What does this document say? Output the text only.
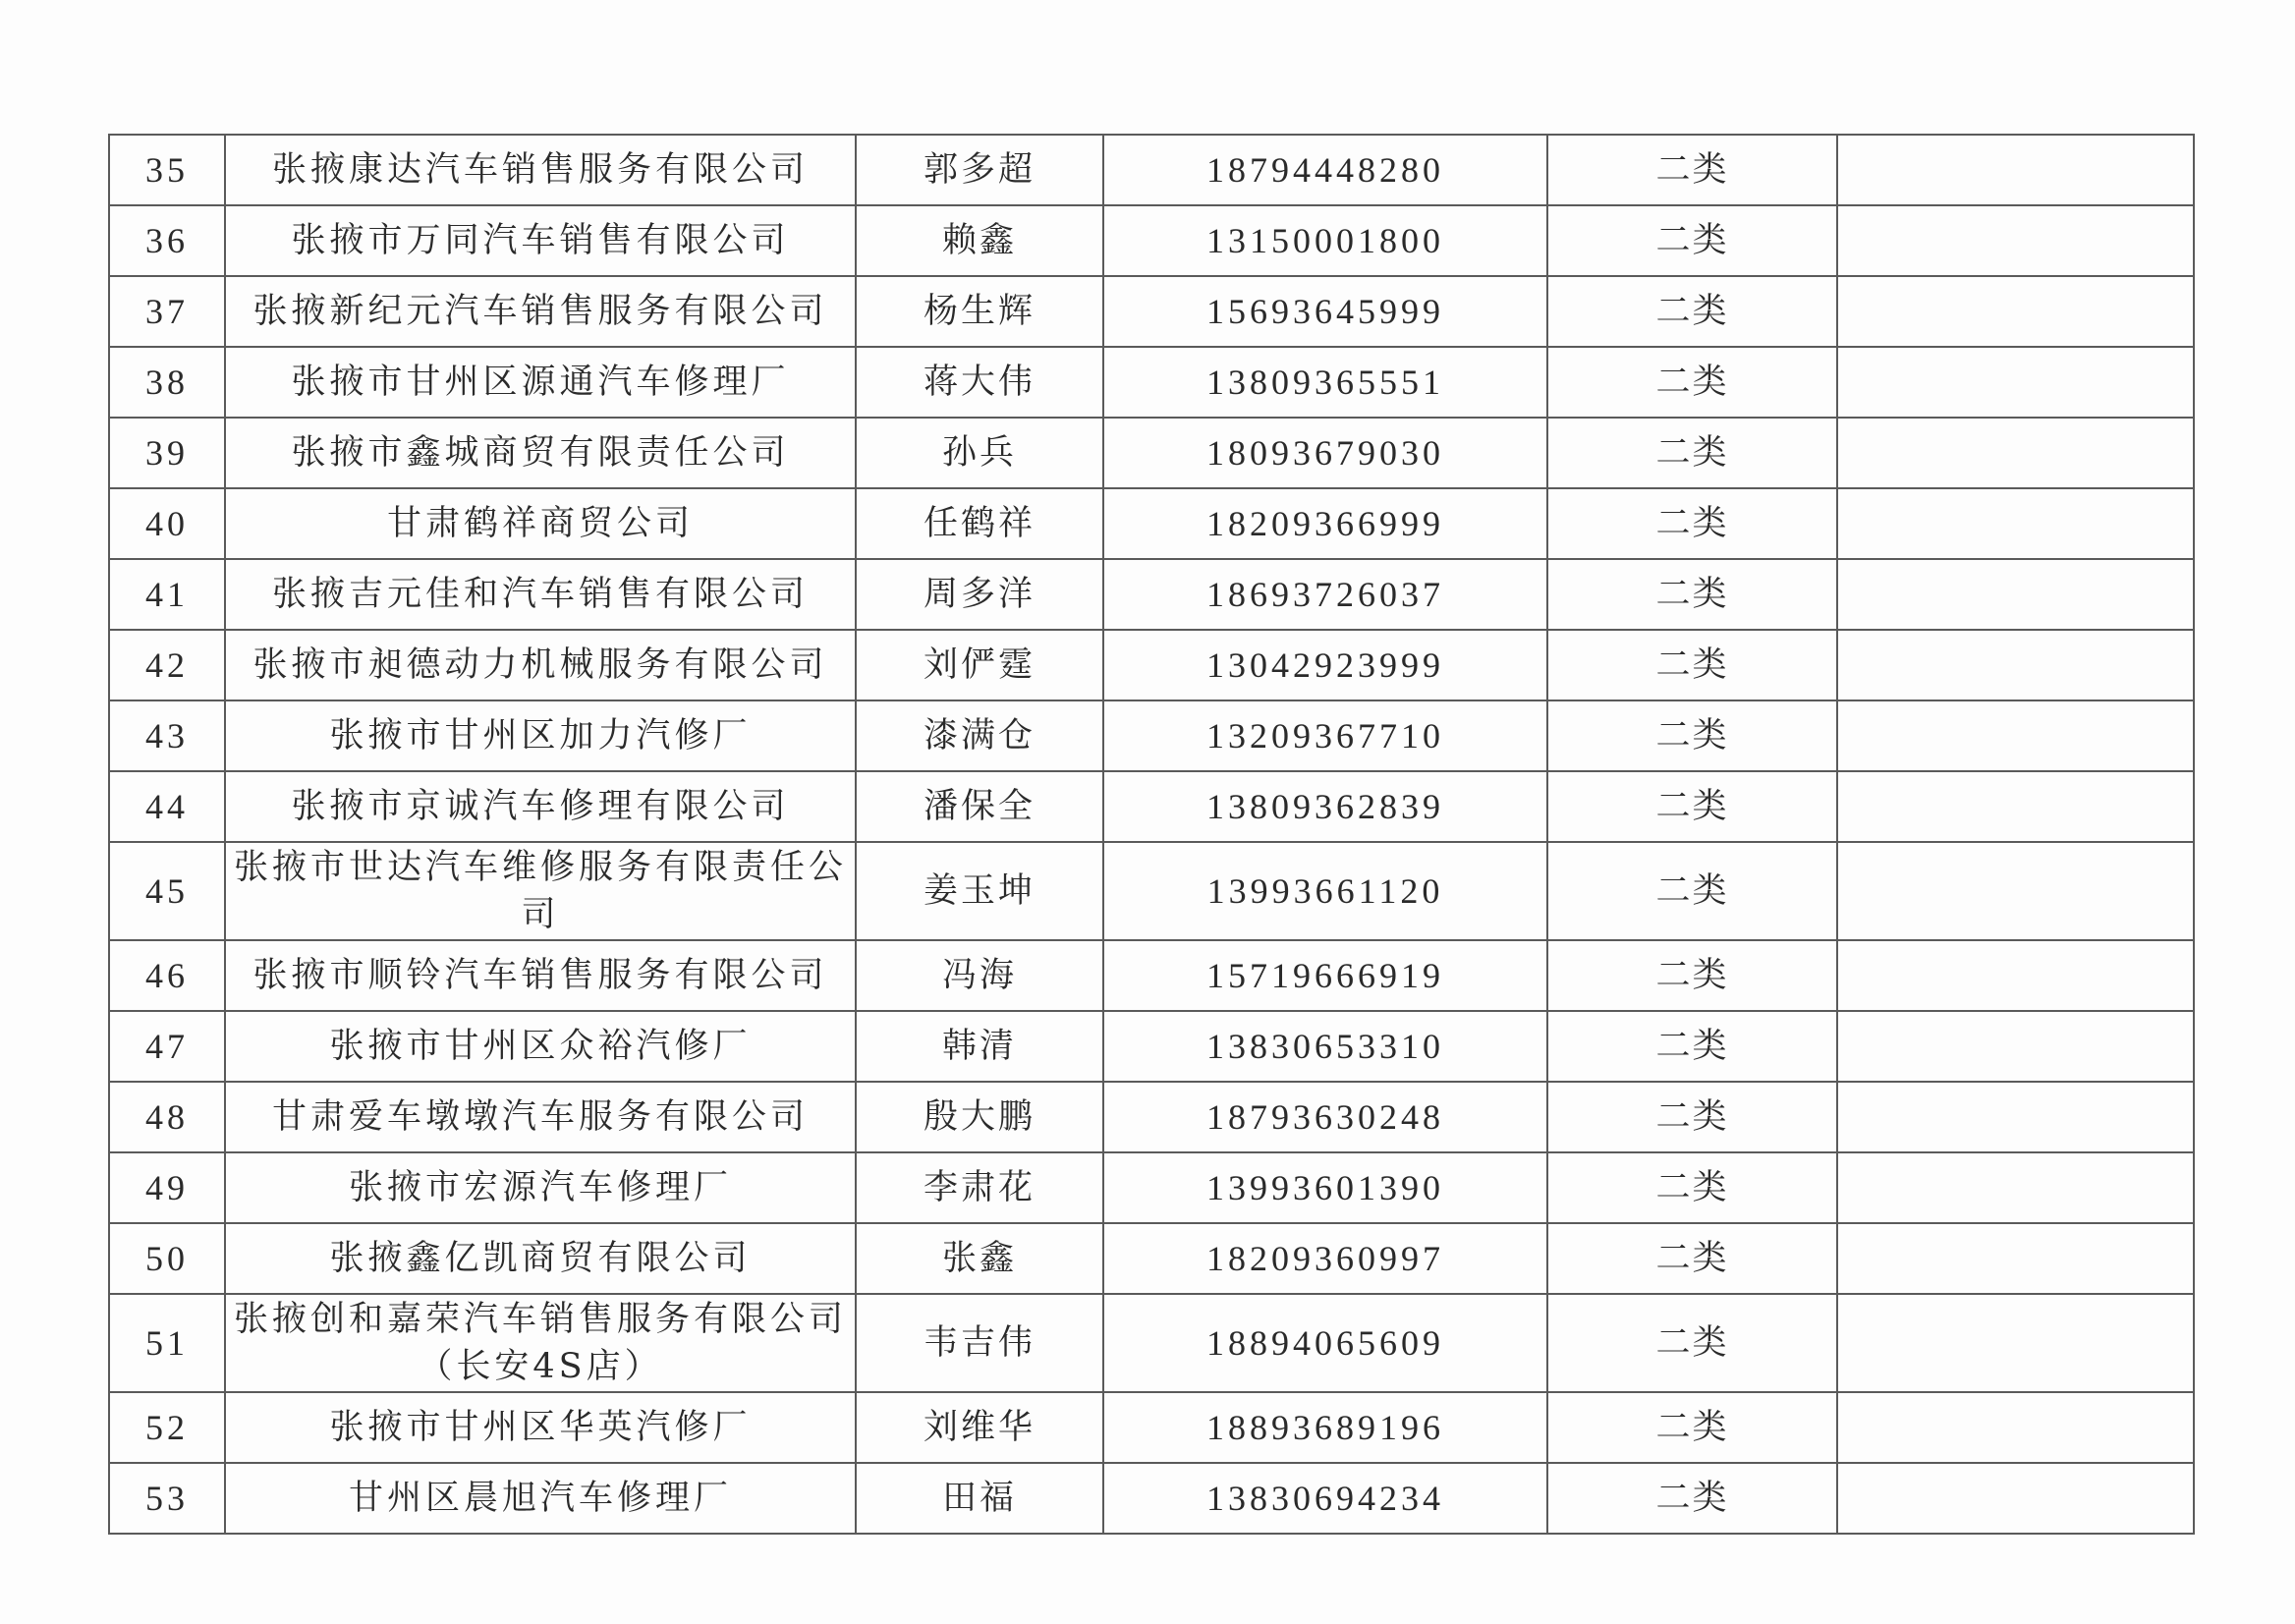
35	张掖康达汽车销售服务有限公司	郭多超	18794448280	二类	
36	张掖市万同汽车销售有限公司	赖鑫	13150001800	二类	
37	张掖新纪元汽车销售服务有限公司	杨生辉	15693645999	二类	
38	张掖市甘州区源通汽车修理厂	蒋大伟	13809365551	二类	
39	张掖市鑫城商贸有限责任公司	孙兵	18093679030	二类	
40	甘肃鹤祥商贸公司	任鹤祥	18209366999	二类	
41	张掖吉元佳和汽车销售有限公司	周多洋	18693726037	二类	
42	张掖市昶德动力机械服务有限公司	刘俨霆	13042923999	二类	
43	张掖市甘州区加力汽修厂	漆满仓	13209367710	二类	
44	张掖市京诚汽车修理有限公司	潘保全	13809362839	二类	
45	张掖市世达汽车维修服务有限责任公司	姜玉坤	13993661120	二类	
46	张掖市顺铃汽车销售服务有限公司	冯海	15719666919	二类	
47	张掖市甘州区众裕汽修厂	韩清	13830653310	二类	
48	甘肃爱车墩墩汽车服务有限公司	殷大鹏	18793630248	二类	
49	张掖市宏源汽车修理厂	李肃花	13993601390	二类	
50	张掖鑫亿凯商贸有限公司	张鑫	18209360997	二类	
51	张掖创和嘉荣汽车销售服务有限公司（长安4S店）	韦吉伟	18894065609	二类	
52	张掖市甘州区华英汽修厂	刘维华	18893689196	二类	
53	甘州区晨旭汽车修理厂	田福	13830694234	二类	
